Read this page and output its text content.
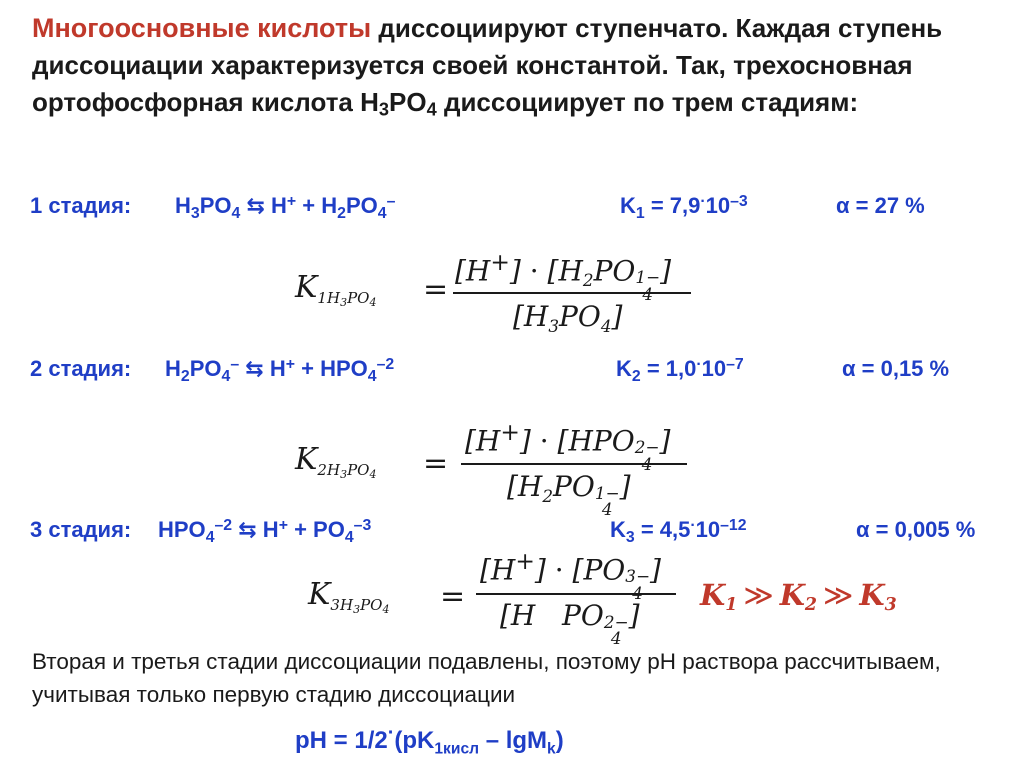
Многоосновные кислоты диссоциируют ступенчато. Каждая ступень диссоциации характеризуется своей константой. Так, трехосновная ортофосфорная кислота $H_3PO_4$ диссоциирует по трем стадиям:
1 стадия: $H_3PO_4$ ⇆ $H^+ + H_2PO_4^-$	$K_1 = 7,9^\cdot 10^{-3}$	α = 27 %
$K_{1H_3PO_4}$ =
$[H^+] \cdot [H_2PO$ 1− ]
$[H_3PO_4]$
2 стадия: $H_2PO_4^-$ ⇆ $H^+ + HPO_4^{-2}$	$K_2 = 1,0^\cdot 10^{-7}$	α = 0,15 %
$K_{2H_3PO_4}$ =
[H+] · [HPO 2− ]
[$H_2PO$ 1−
4
]
3 стадия: $HPO_4^{-2}$ ⇆ $H^+ + PO_4^{-3}$	$K_3 = 4,5^\cdot 10^{-12}$	α = 0,005 %
$K_{3H_3PO_4}$ =
[H+] · [PO 3− ]
[H PO 2−
4
]
$K_1$ ≫ $K_2$ ≫ $K_3$
Вторая и третья стадии диссоциации подавлены, поэтому рН раствора рассчитываем, учитывая только первую стадию диссоциации
рН = $1/2^\cdot(pK_{1кисл} - \lg M_k)$
